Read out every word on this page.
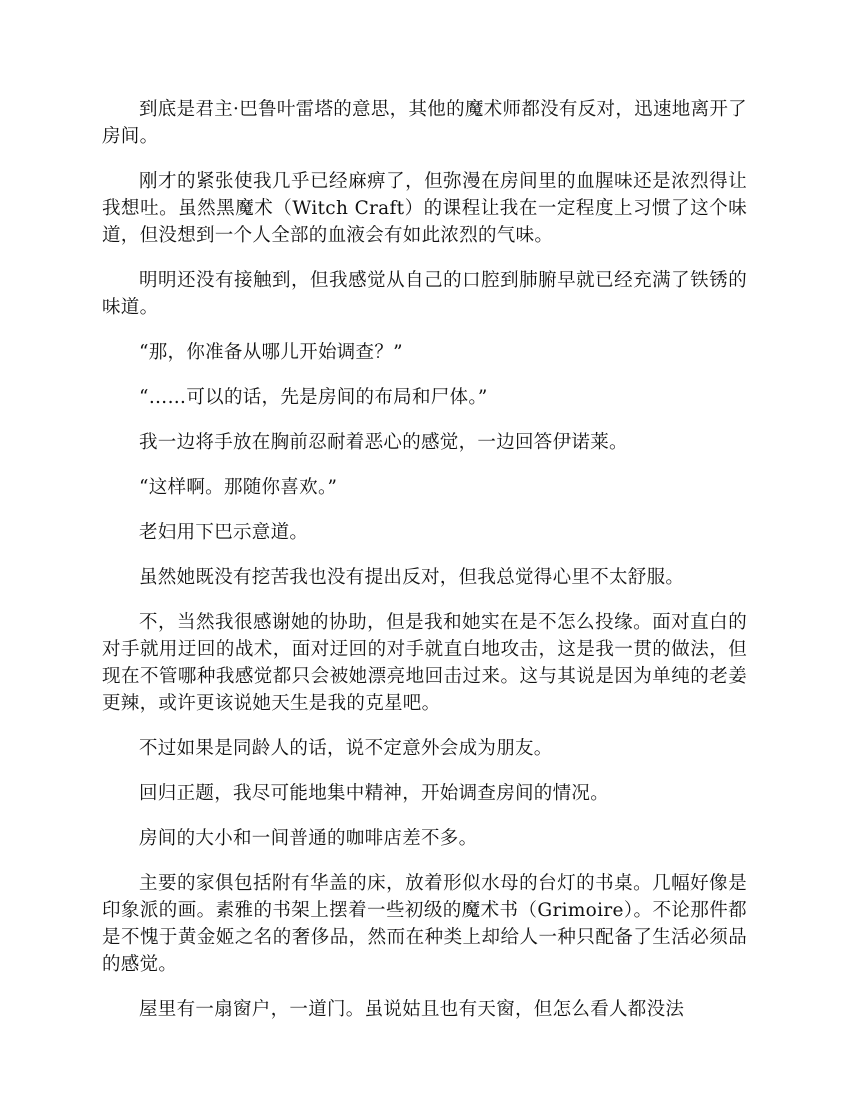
到底是君主·巴鲁叶雷塔的意思，其他的魔术师都没有反对，迅速地离开了房间。

刚才的紧张使我几乎已经麻痹了，但弥漫在房间里的血腥味还是浓烈得让我想吐。虽然黑魔术（Witch Craft）的课程让我在一定程度上习惯了这个味道，但没想到一个人全部的血液会有如此浓烈的气味。

明明还没有接触到，但我感觉从自己的口腔到肺腑早就已经充满了铁锈的味道。

“那，你准备从哪儿开始调查？”

“……可以的话，先是房间的布局和尸体。”

我一边将手放在胸前忍耐着恶心的感觉，一边回答伊诺莱。

“这样啊。那随你喜欢。”

老妇用下巴示意道。

虽然她既没有挖苦我也没有提出反对，但我总觉得心里不太舒服。

不，当然我很感谢她的协助，但是我和她实在是不怎么投缘。面对直白的对手就用迂回的战术，面对迂回的对手就直白地攻击，这是我一贯的做法，但现在不管哪种我感觉都只会被她漂亮地回击过来。这与其说是因为单纯的老姜更辣，或许更该说她天生是我的克星吧。

不过如果是同龄人的话，说不定意外会成为朋友。

回归正题，我尽可能地集中精神，开始调查房间的情况。

房间的大小和一间普通的咖啡店差不多。

主要的家俱包括附有华盖的床，放着形似水母的台灯的书桌。几幅好像是印象派的画。素雅的书架上摆着一些初级的魔术书（Grimoire）。不论那件都是不愧于黄金姬之名的奢侈品，然而在种类上却给人一种只配备了生活必须品的感觉。

屋里有一扇窗户，一道门。虽说姑且也有天窗，但怎么看人都没法
